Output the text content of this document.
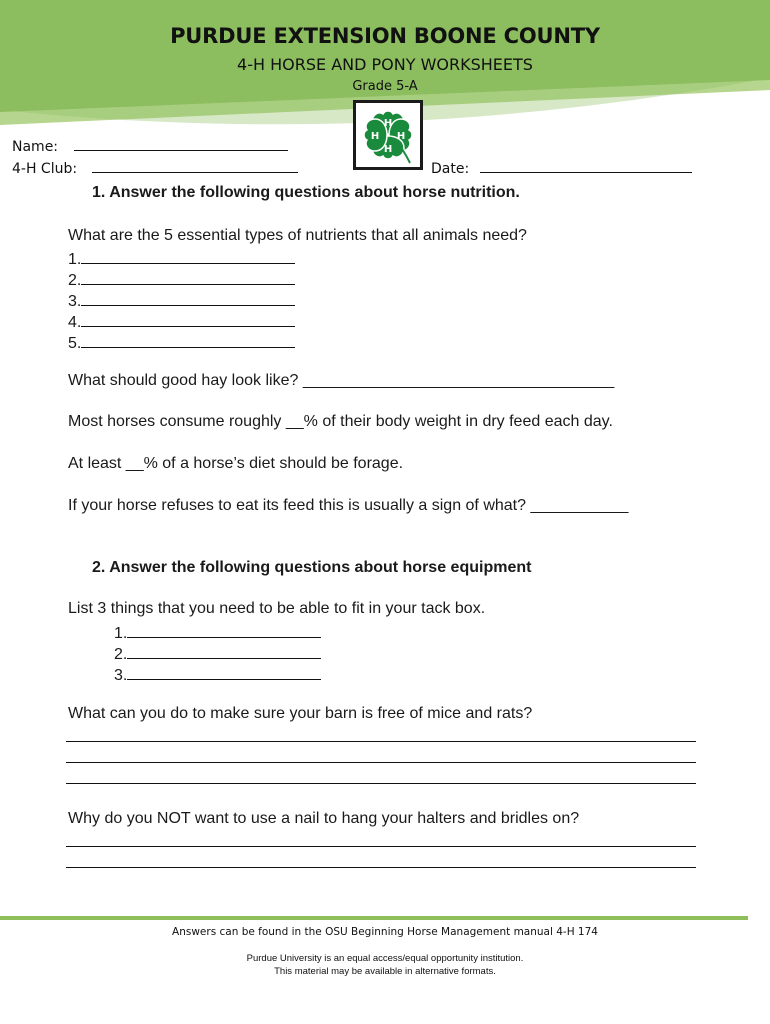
PURDUE EXTENSION BOONE COUNTY
4-H HORSE AND PONY WORKSHEETS
Grade 5-A
H
H
H
H
Name:
4-H Club:	Date:
1. Answer the following questions about horse nutrition.
What are the 5 essential types of nutrients that all animals need?
1.
2.
3.
4.
5.
What should good hay look like? ___________________________________
Most horses consume roughly __% of their body weight in dry feed each day.
At least __% of a horse’s diet should be forage.
If your horse refuses to eat its feed this is usually a sign of what? ___________
2. Answer the following questions about horse equipment
List 3 things that you need to be able to fit in your tack box.
1.
2.
3.
What can you do to make sure your barn is free of mice and rats?
Why do you NOT want to use a nail to hang your halters and bridles on?
Answers can be found in the OSU Beginning Horse Management manual 4-H 174
Purdue University is an equal access/equal opportunity institution.
This material may be available in alternative formats.
